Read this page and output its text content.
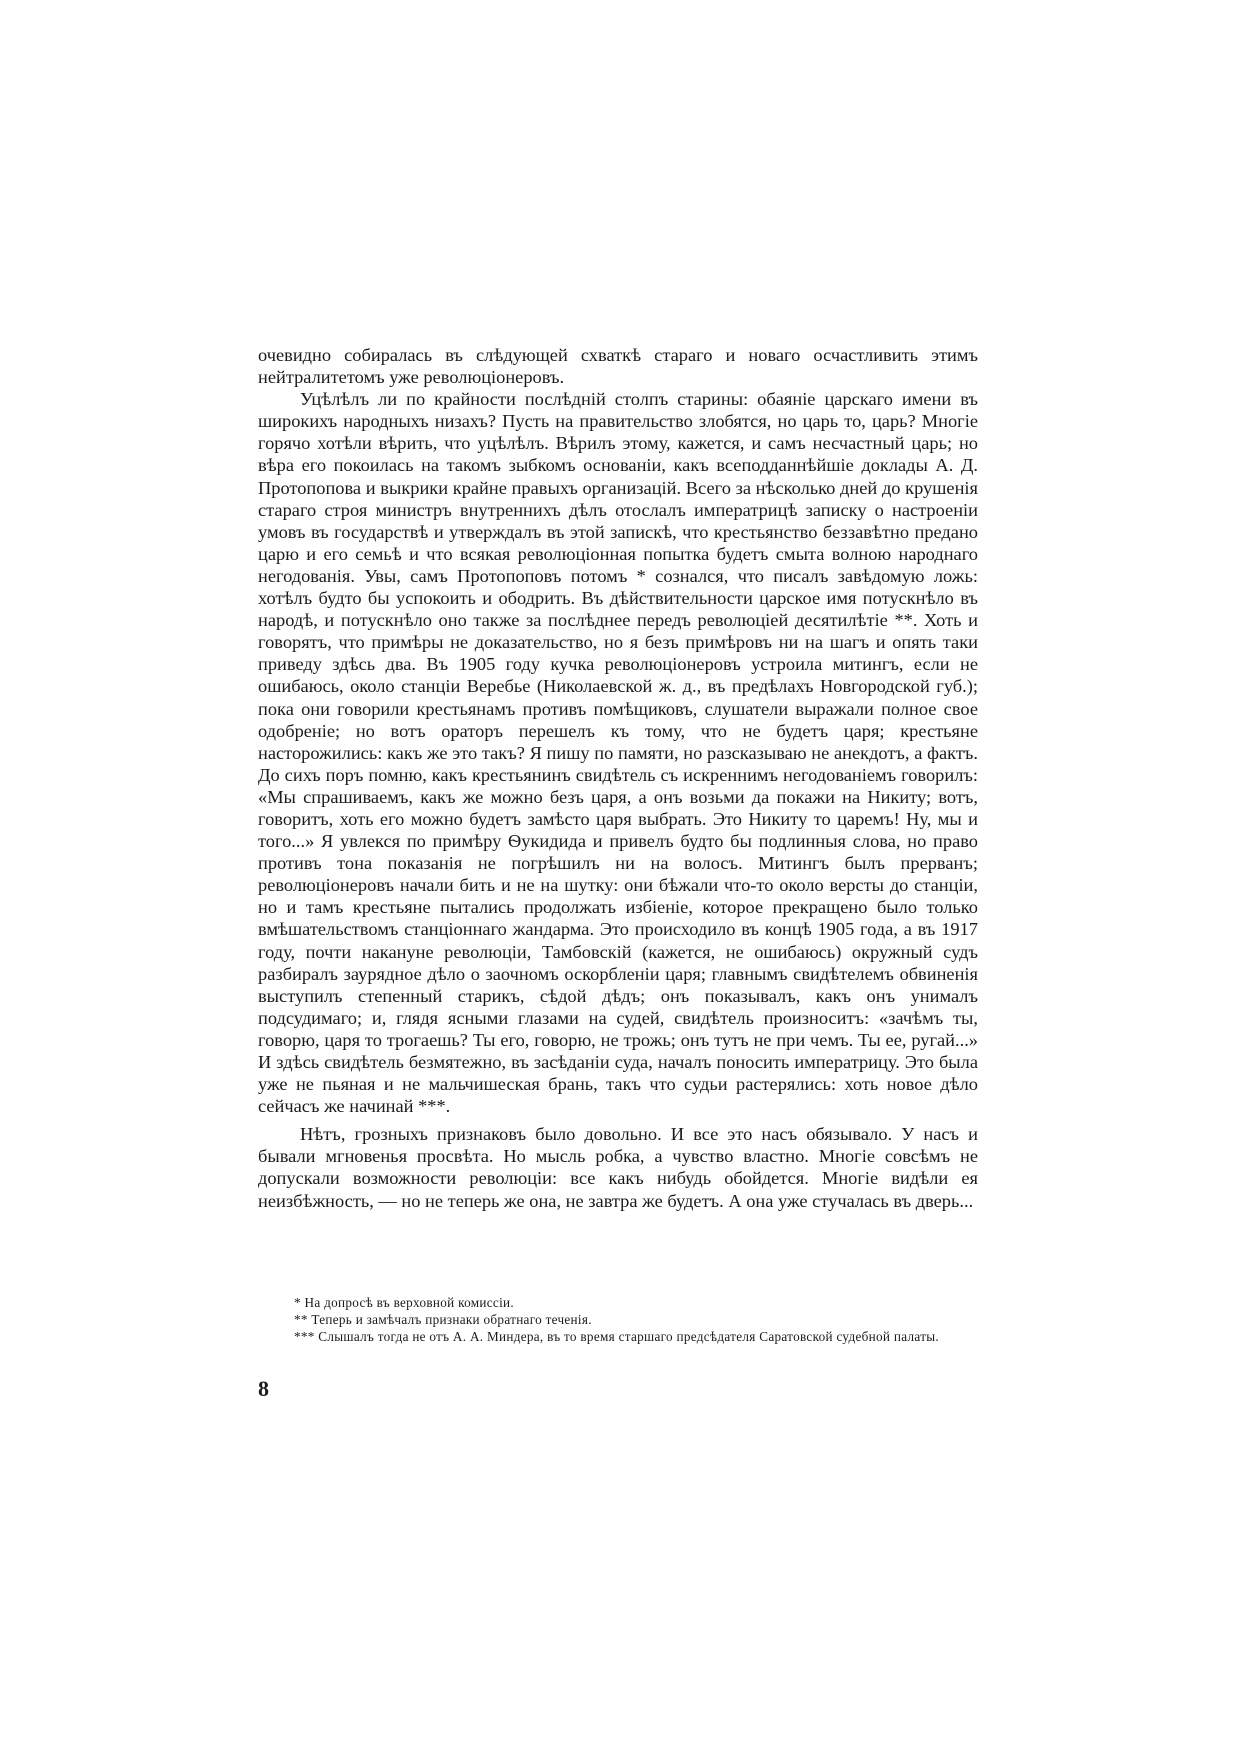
очевидно собиралась въ слѣдующей схваткѣ стараго и новаго осчастливить этимъ нейтралитетомъ уже революціонеровъ.

Уцѣлѣлъ ли по крайности послѣдній столпъ старины: обаяніе царскаго имени въ широкихъ народныхъ низахъ? Пусть на правительство злобятся, но царь то, царь? Многіе горячо хотѣли вѣрить, что уцѣлѣлъ. Вѣрилъ этому, кажется, и самъ несчастный царь; но вѣра его покоилась на такомъ зыбкомъ основаніи, какъ всеподданнѣйшіе доклады А. Д. Протопопова и выкрики крайне правыхъ организацій. Всего за нѣсколько дней до крушенія стараго строя министръ внутреннихъ дѣлъ отослалъ императрицѣ записку о настроеніи умовъ въ государствѣ и утверждалъ въ этой запискѣ, что крестьянство беззавѣтно предано царю и его семьѣ и что всякая революціонная попытка будетъ смыта волною народнаго негодованія. Увы, самъ Протопоповъ потомъ * сознался, что писалъ завѣдомую ложь: хотѣлъ будто бы успокоить и ободрить. Въ дѣйствительности царское имя потускнѣло въ народѣ, и потускнѣло оно также за послѣднее передъ революціей десятилѣтіе **. Хоть и говорятъ, что примѣры не доказательство, но я безъ примѣровъ ни на шагъ и опять таки приведу здѣсь два. Въ 1905 году кучка революціонеровъ устроила митингъ, если не ошибаюсь, около станціи Веребье (Николаевской ж. д., въ предѣлахъ Новгородской губ.); пока они говорили крестьянамъ противъ помѣщиковъ, слушатели выражали полное свое одобреніе; но вотъ ораторъ перешелъ къ тому, что не будетъ царя; крестьяне насторожились: какъ же это такъ? Я пишу по памяти, но разсказываю не анекдотъ, а фактъ. До сихъ поръ помню, какъ крестьянинъ свидѣтель съ искреннимъ негодованіемъ говорилъ: «Мы спрашиваемъ, какъ же можно безъ царя, а онъ возьми да покажи на Никиту; вотъ, говоритъ, хоть его можно будетъ замѣсто царя выбрать. Это Никиту то царемъ! Ну, мы и того...» Я увлекся по примѣру Ѳукидида и привелъ будто бы подлинныя слова, но право противъ тона показанія не погрѣшилъ ни на волосъ. Митингъ былъ прерванъ; революціонеровъ начали бить и не на шутку: они бѣжали что-то около версты до станціи, но и тамъ крестьяне пытались продолжать избіеніе, которое прекращено было только вмѣшательствомъ станціоннаго жандарма. Это происходило въ концѣ 1905 года, а въ 1917 году, почти накануне революціи, Тамбовскій (кажется, не ошибаюсь) окружный судъ разбиралъ заурядное дѣло о заочномъ оскорбленіи царя; главнымъ свидѣтелемъ обвиненія выступилъ степенный старикъ, сѣдой дѣдъ; онъ показывалъ, какъ онъ унималъ подсудимаго; и, глядя ясными глазами на судей, свидѣтель произноситъ: «зачѣмъ ты, говорю, царя то трогаешь? Ты его, говорю, не трожь; онъ тутъ не при чемъ. Ты ее, ругай...» И здѣсь свидѣтель безмятежно, въ засѣданіи суда, началъ поносить императрицу. Это была уже не пьяная и не мальчишеская брань, такъ что судьи растерялись: хоть новое дѣло сейчасъ же начинай ***.

Нѣтъ, грозныхъ признаковъ было довольно. И все это насъ обязывало. У насъ и бывали мгновенья просвѣта. Но мысль робка, а чувство властно. Многіе совсѣмъ не допускали возможности революціи: все какъ нибудь обойдется. Многіе видѣли ея неизбѣжность, — но не теперь же она, не завтра же будетъ. А она уже стучалась въ дверь...

* На допросѣ въ верховной комиссіи.

** Теперь и замѣчалъ признаки обратнаго теченія.

*** Слышалъ тогда не отъ А. А. Миндера, въ то время старшаго предсѣдателя Саратовской судебной палаты.

8
